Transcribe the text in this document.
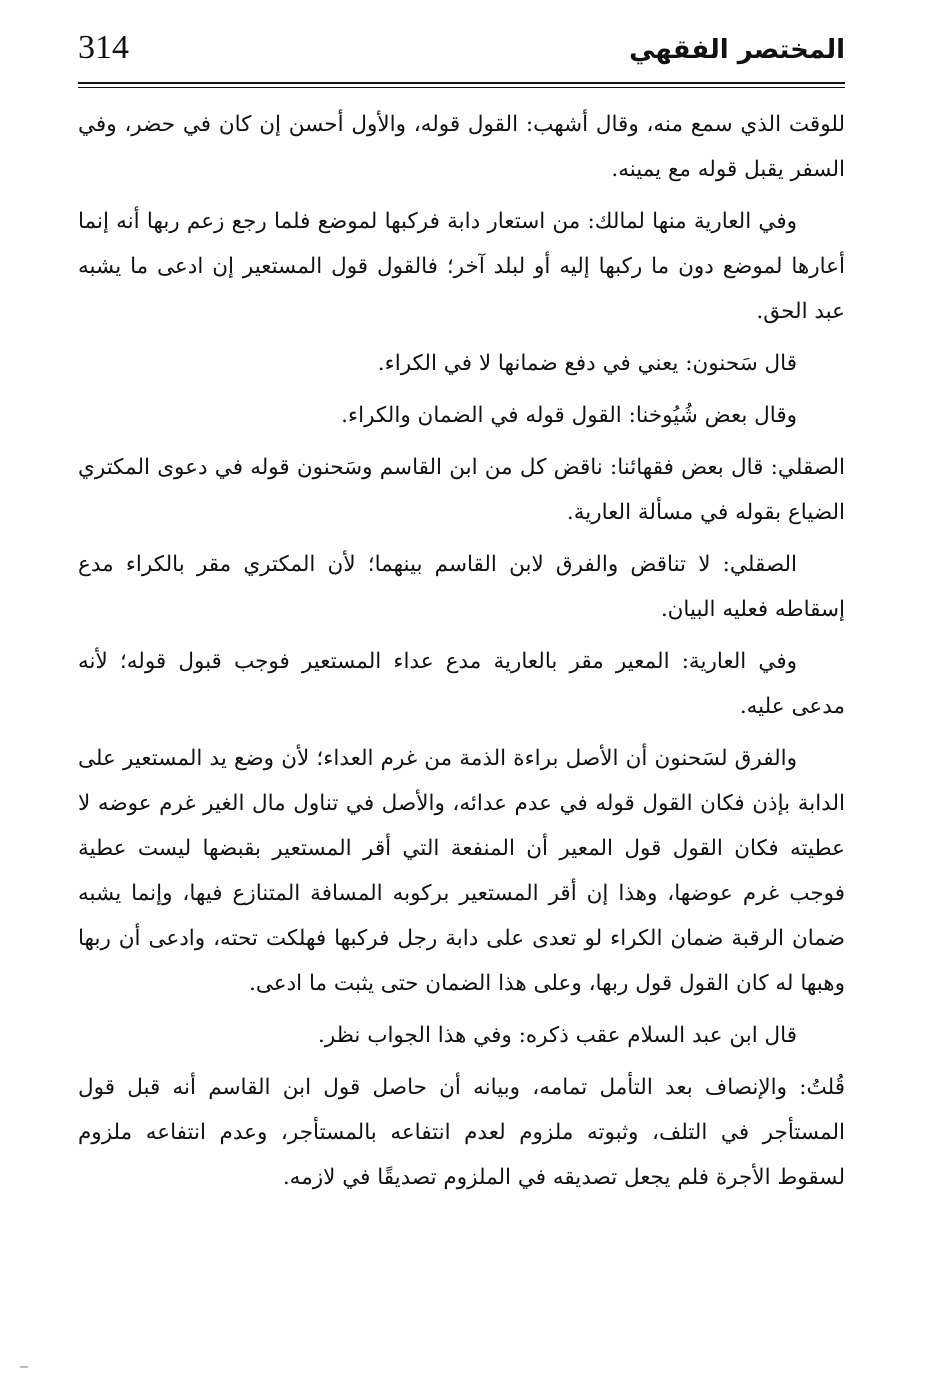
314	المختصر الفقهي

للوقت الذي سمع منه، وقال أشهب: القول قوله، والأول أحسن إن كان في حضر، وفي السفر يقبل قوله مع يمينه.

وفي العارية منها لمالك: من استعار دابة فركبها لموضع فلما رجع زعم ربها أنه إنما أعارها لموضع دون ما ركبها إليه أو لبلد آخر؛ فالقول قول المستعير إن ادعى ما يشبه عبد الحق.

قال سَحنون: يعني في دفع ضمانها لا في الكراء.

وقال بعض شُيُوخنا: القول قوله في الضمان والكراء.

الصقلي: قال بعض فقهائنا: ناقض كل من ابن القاسم وسَحنون قوله في دعوى المكتري الضياع بقوله في مسألة العارية.

الصقلي: لا تناقض والفرق لابن القاسم بينهما؛ لأن المكتري مقر بالكراء مدع إسقاطه فعليه البيان.

وفي العارية: المعير مقر بالعارية مدع عداء المستعير فوجب قبول قوله؛ لأنه مدعى عليه.

والفرق لسَحنون أن الأصل براءة الذمة من غرم العداء؛ لأن وضع يد المستعير على الدابة بإذن فكان القول قوله في عدم عدائه، والأصل في تناول مال الغير غرم عوضه لا عطيته فكان القول قول المعير أن المنفعة التي أقر المستعير بقبضها ليست عطية فوجب غرم عوضها، وهذا إن أقر المستعير بركوبه المسافة المتنازع فيها، وإنما يشبه ضمان الرقبة ضمان الكراء لو تعدى على دابة رجل فركبها فهلكت تحته، وادعى أن ربها وهبها له كان القول قول ربها، وعلى هذا الضمان حتى يثبت ما ادعى.

قال ابن عبد السلام عقب ذكره: وفي هذا الجواب نظر.

قُلتُ: والإنصاف بعد التأمل تمامه، وبيانه أن حاصل قول ابن القاسم أنه قبل قول المستأجر في التلف، وثبوته ملزوم لعدم انتفاعه بالمستأجر، وعدم انتفاعه ملزوم لسقوط الأجرة فلم يجعل تصديقه في الملزوم تصديقًا في لازمه.
